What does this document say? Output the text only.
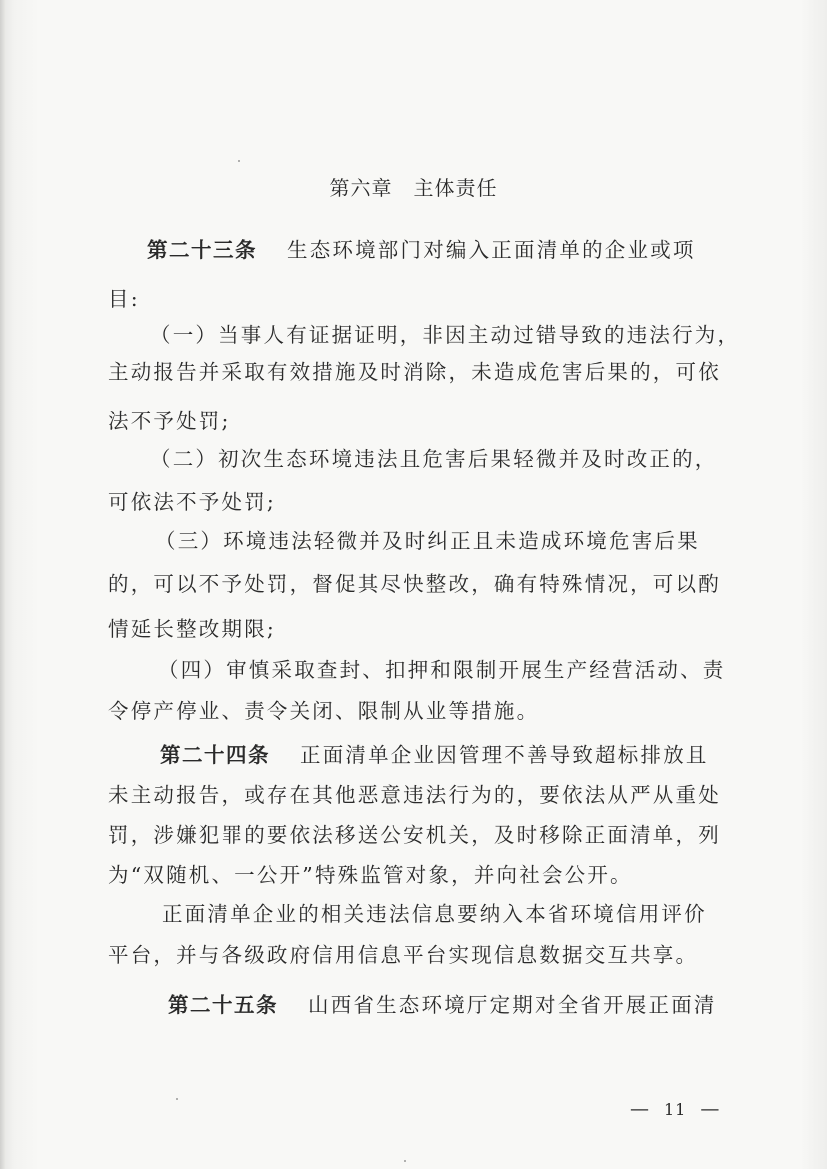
第六章　主体责任
第二十三条 生态环境部门对编入正面清单的企业或项
目:
（一）当事人有证据证明，非因主动过错导致的违法行为，
主动报告并采取有效措施及时消除，未造成危害后果的，可依
法不予处罚;
（二）初次生态环境违法且危害后果轻微并及时改正的，
可依法不予处罚;
（三）环境违法轻微并及时纠正且未造成环境危害后果
的，可以不予处罚，督促其尽快整改，确有特殊情况，可以酌
情延长整改期限;
（四）审慎采取查封、扣押和限制开展生产经营活动、责
令停产停业、责令关闭、限制从业等措施。
第二十四条 正面清单企业因管理不善导致超标排放且
未主动报告，或存在其他恶意违法行为的，要依法从严从重处
罚，涉嫌犯罪的要依法移送公安机关，及时移除正面清单，列
为“双随机、一公开”特殊监管对象，并向社会公开。
正面清单企业的相关违法信息要纳入本省环境信用评价
平台，并与各级政府信用信息平台实现信息数据交互共享。
第二十五条 山西省生态环境厅定期对全省开展正面清
— 11 —
